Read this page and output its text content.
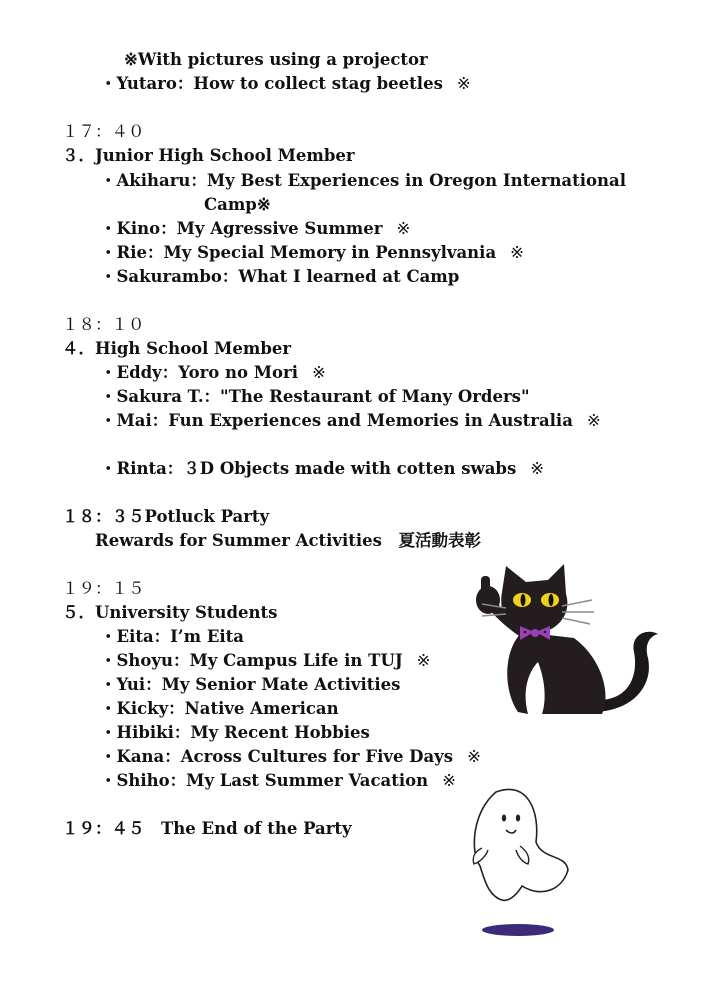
※With pictures using a projector
・Yutaro：How to collect stag beetles ※
１７：４０
３．Junior High School Member
・Akiharu：My Best Experiences in Oregon International
Camp※
・Kino：My Agressive Summer ※
・Rie：My Special Memory in Pennsylvania ※
・Sakurambo：What I learned at Camp
１８：１０
４．High School Member
・Eddy：Yoro no Mori ※
・Sakura T.："The Restaurant of Many Orders"
・Mai：Fun Experiences and Memories in Australia ※
・Rinta：３D Objects made with cotten swabs ※
１８：３５Potluck Party
Rewards for Summer Activities　夏活動表彰
１９：１５
５．University Students
・Eita：I’m Eita
・Shoyu：My Campus Life in TUJ ※
・Yui：My Senior Mate Activities
・Kicky：Native American
・Hibiki：My Recent Hobbies
・Kana：Across Cultures for Five Days ※
・Shiho：My Last Summer Vacation ※
１９：４５　The End of the Party
